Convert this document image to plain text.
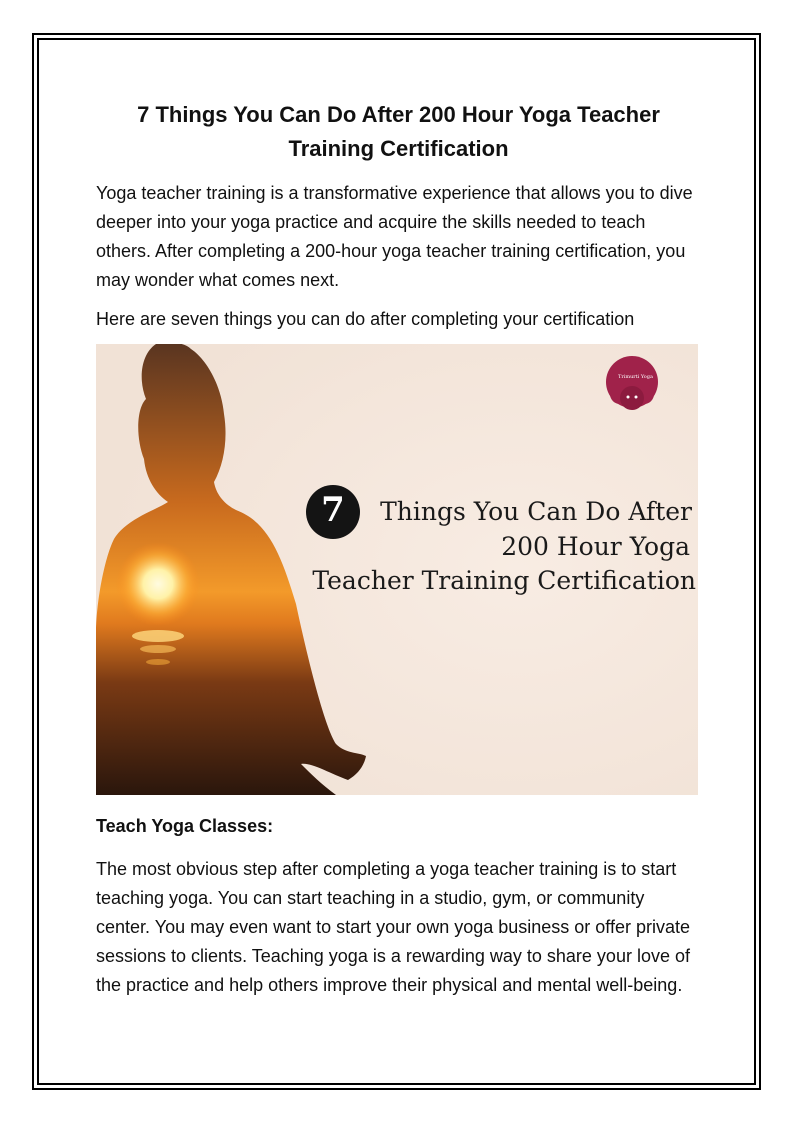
7 Things You Can Do After 200 Hour Yoga Teacher Training Certification

Yoga teacher training is a transformative experience that allows you to dive deeper into your yoga practice and acquire the skills needed to teach others. After completing a 200-hour yoga teacher training certification, you may wonder what comes next.

Here are seven things you can do after completing your certification

7
Trimurti Yoga
Things You Can Do After
200 Hour Yoga
Teacher Training Certification

Teach Yoga Classes:

The most obvious step after completing a yoga teacher training is to start teaching yoga. You can start teaching in a studio, gym, or community center. You may even want to start your own yoga business or offer private sessions to clients. Teaching yoga is a rewarding way to share your love of the practice and help others improve their physical and mental well-being.
